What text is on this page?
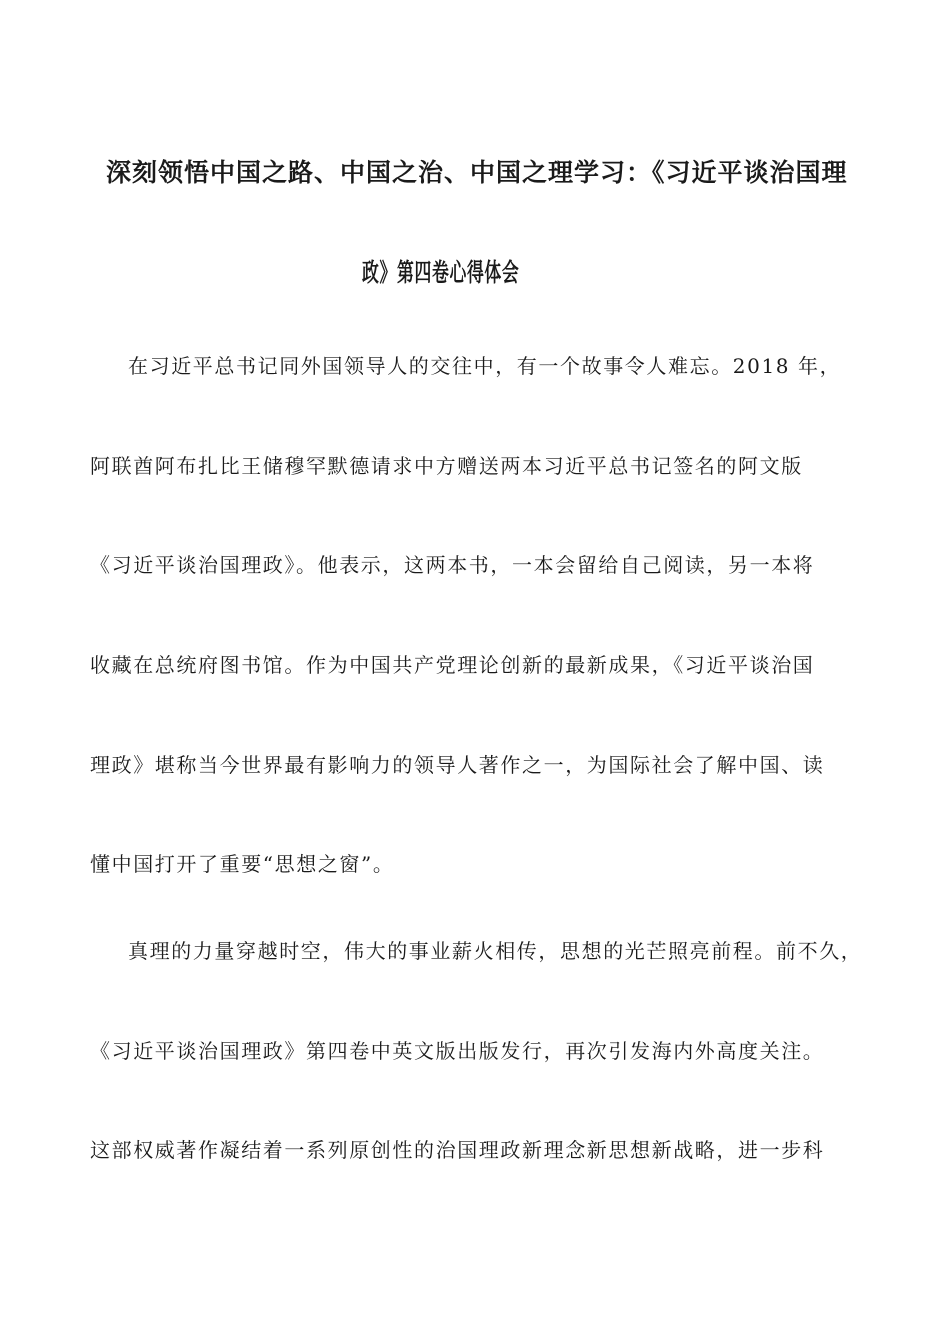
深刻领悟中国之路、中国之治、中国之理学习：《习近平谈治国理
政》第四卷心得体会
在习近平总书记同外国领导人的交往中，有一个故事令人难忘。2018 年，
阿联酋阿布扎比王储穆罕默德请求中方赠送两本习近平总书记签名的阿文版
《习近平谈治国理政》。他表示，这两本书，一本会留给自己阅读，另一本将
收藏在总统府图书馆。作为中国共产党理论创新的最新成果，《习近平谈治国
理政》堪称当今世界最有影响力的领导人著作之一，为国际社会了解中国、读
懂中国打开了重要“思想之窗”。
真理的力量穿越时空，伟大的事业薪火相传，思想的光芒照亮前程。前不久，
《习近平谈治国理政》第四卷中英文版出版发行，再次引发海内外高度关注。
这部权威著作凝结着一系列原创性的治国理政新理念新思想新战略，进一步科
